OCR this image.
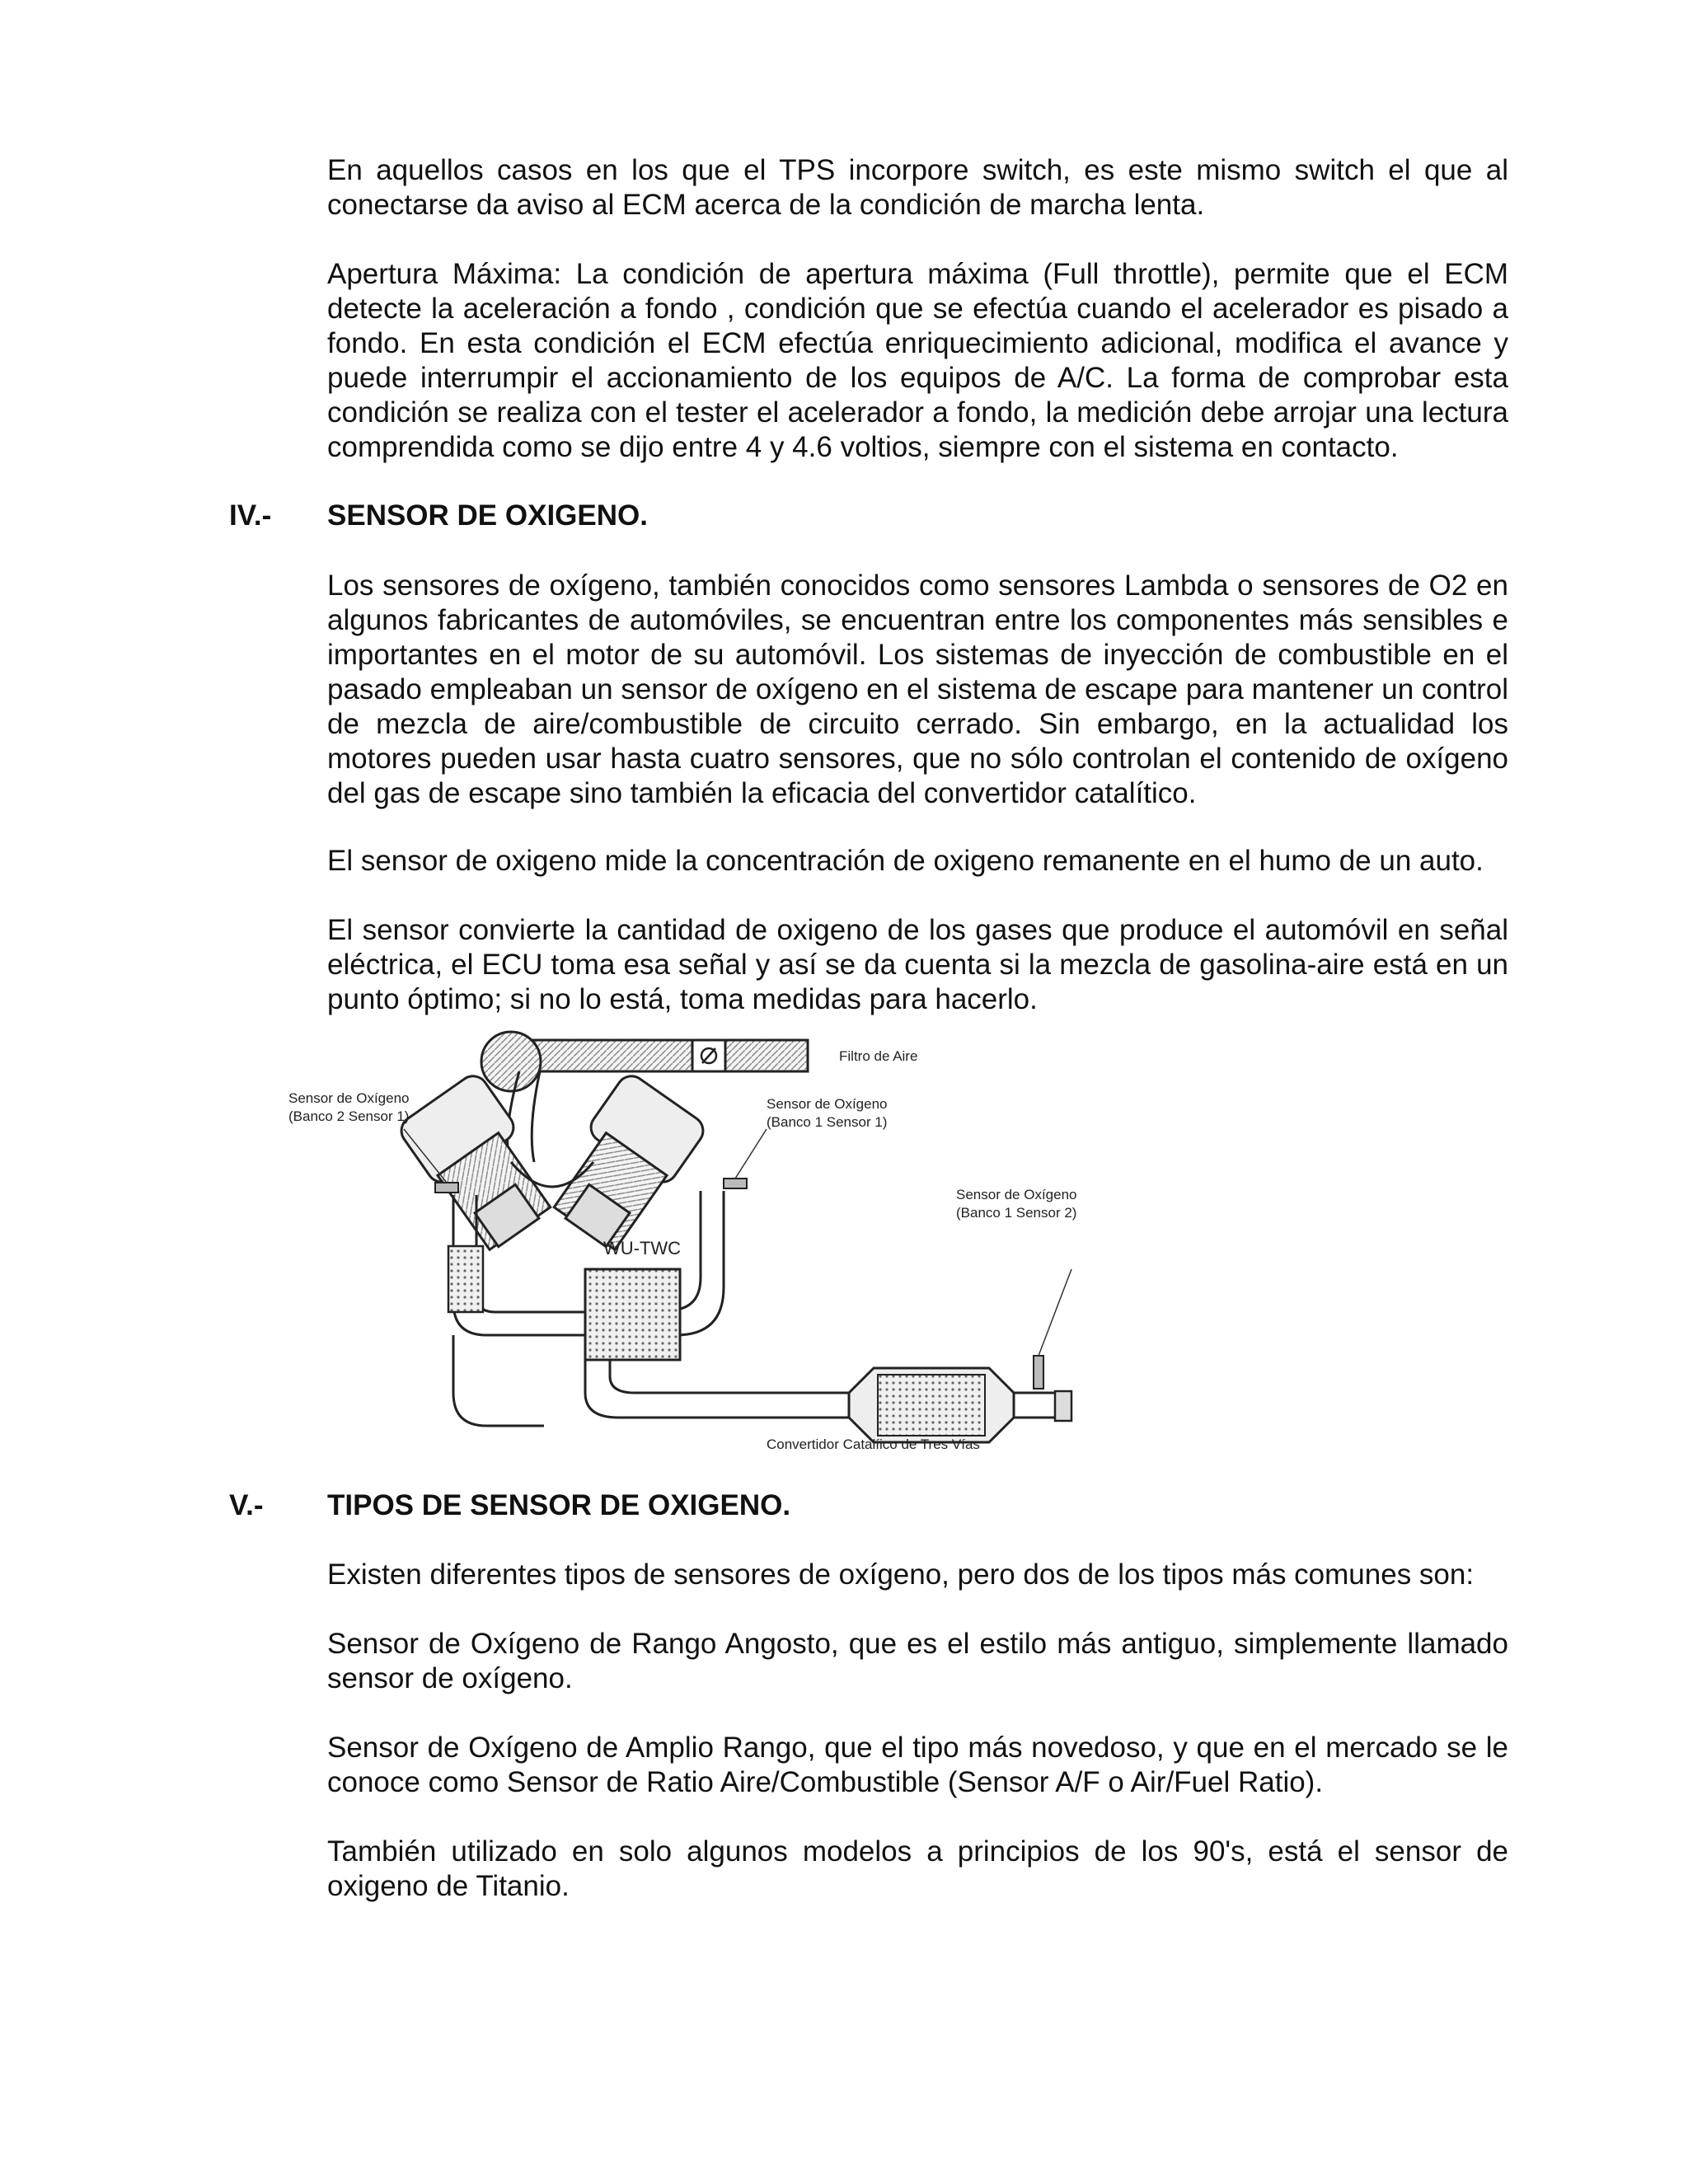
En aquellos casos en los que el TPS incorpore switch, es este mismo switch el que al conectarse da aviso al ECM acerca de la condición de marcha lenta.

Apertura Máxima: La condición de apertura máxima (Full throttle), permite que el ECM detecte la aceleración a fondo , condición que se efectúa cuando el acelerador es pisado a fondo. En esta condición el ECM efectúa enriquecimiento adicional, modifica el avance y puede interrumpir el accionamiento de los equipos de A/C. La forma de comprobar esta condición se realiza con el tester el acelerador a fondo, la medición debe arrojar una lectura comprendida como se dijo entre 4 y 4.6 voltios, siempre con el sistema en contacto.

IV.- SENSOR DE OXIGENO.

Los sensores de oxígeno, también conocidos como sensores Lambda o sensores de O2 en algunos fabricantes de automóviles, se encuentran entre los componentes más sensibles e importantes en el motor de su automóvil. Los sistemas de inyección de combustible en el pasado empleaban un sensor de oxígeno en el sistema de escape para mantener un control de mezcla de aire/combustible de circuito cerrado. Sin embargo, en la actualidad los motores pueden usar hasta cuatro sensores, que no sólo controlan el contenido de oxígeno del gas de escape sino también la eficacia del convertidor catalítico.

El sensor de oxigeno mide la concentración de oxigeno remanente en el humo de un auto.

El sensor convierte la cantidad de oxigeno de los gases que produce el automóvil en señal eléctrica, el ECU toma esa señal y así se da cuenta si la mezcla de gasolina-aire está en un punto óptimo; si no lo está, toma medidas para hacerlo.

Filtro de Aire
WU-TWC
Sensor de Oxígeno
(Banco 2 Sensor 1)
Sensor de Oxígeno
(Banco 1 Sensor 1)
Sensor de Oxígeno
(Banco 1 Sensor 2)
Convertidor Catalíico de Tres Vías
V.- TIPOS DE SENSOR DE OXIGENO.

Existen diferentes tipos de sensores de oxígeno, pero dos de los tipos más comunes son:

Sensor de Oxígeno de Rango Angosto, que es el estilo más antiguo, simplemente llamado sensor de oxígeno.

Sensor de Oxígeno de Amplio Rango, que el tipo más novedoso, y que en el mercado se le conoce como Sensor de Ratio Aire/Combustible (Sensor A/F o Air/Fuel Ratio).

También utilizado en solo algunos modelos a principios de los 90's, está el sensor de oxigeno de Titanio.
